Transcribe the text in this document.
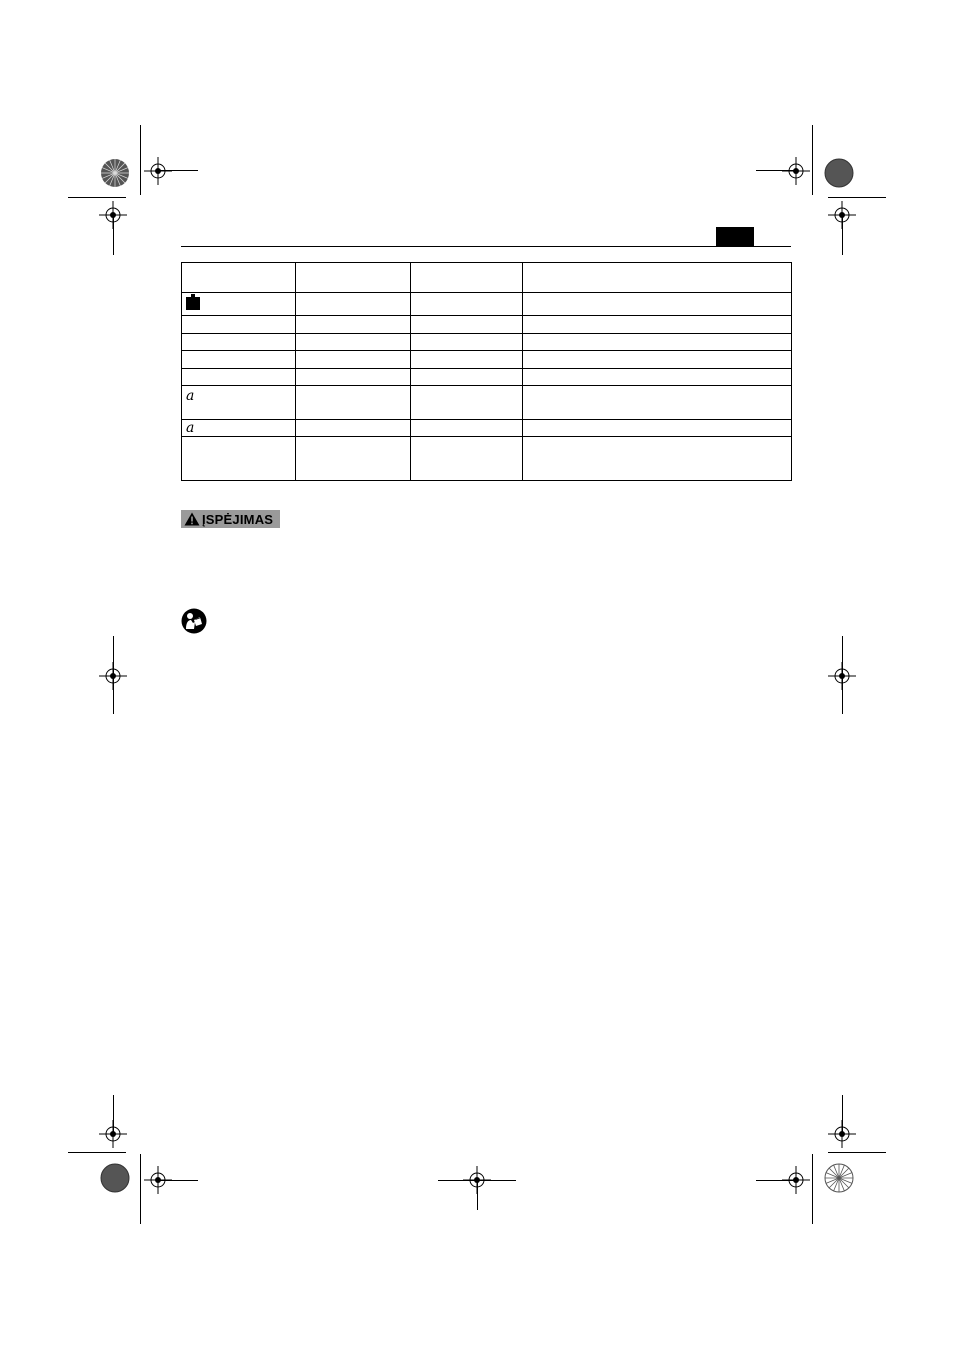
a			
a			

ĮSPĖJIMAS
